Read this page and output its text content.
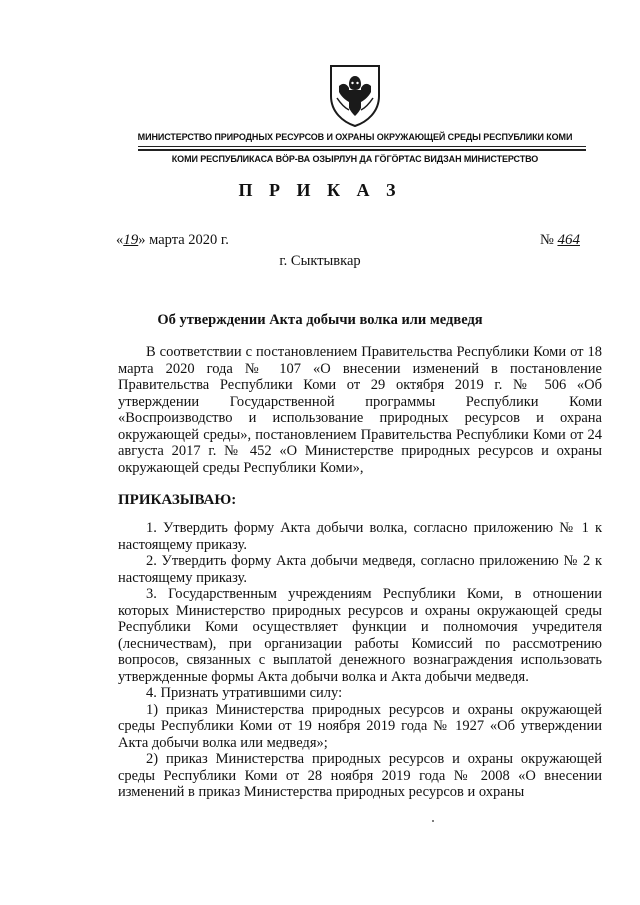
МИНИСТЕРСТВО ПРИРОДНЫХ РЕСУРСОВ И ОХРАНЫ ОКРУЖАЮЩЕЙ СРЕДЫ РЕСПУБЛИКИ КОМИ
КОМИ РЕСПУБЛИКАСА ВӦР-ВА ОЗЫРЛУН ДА ГӦГӦРТАС ВИДЗАН МИНИСТЕРСТВО
П Р И К А З
«19» марта 2020 г.	№ 464
г. Сыктывкар
Об утверждении Акта добычи волка или медведя
В соответствии с постановлением Правительства Республики Коми от 18 марта 2020 года № 107 «О внесении изменений в постановление Правительства Республики Коми от 29 октября 2019 г. № 506 «Об утверждении Государственной программы Республики Коми «Воспроизводство и использование природных ресурсов и охрана окружающей среды», постановлением Правительства Республики Коми от 24 августа 2017 г. № 452 «О Министерстве природных ресурсов и охраны окружающей среды Республики Коми»,
ПРИКАЗЫВАЮ:

1. Утвердить форму Акта добычи волка, согласно приложению № 1 к настоящему приказу.

2. Утвердить форму Акта добычи медведя, согласно приложению № 2 к настоящему приказу.

3. Государственным учреждениям Республики Коми, в отношении которых Министерство природных ресурсов и охраны окружающей среды Республики Коми осуществляет функции и полномочия учредителя (лесничествам), при организации работы Комиссий по рассмотрению вопросов, связанных с выплатой денежного вознаграждения использовать утвержденные формы Акта добычи волка и Акта добычи медведя.

4. Признать утратившими силу:

1) приказ Министерства природных ресурсов и охраны окружающей среды Республики Коми от 19 ноября 2019 года № 1927 «Об утверждении Акта добычи волка или медведя»;

2) приказ Министерства природных ресурсов и охраны окружающей среды Республики Коми от 28 ноября 2019 года № 2008 «О внесении изменений в приказ Министерства природных ресурсов и охраны
